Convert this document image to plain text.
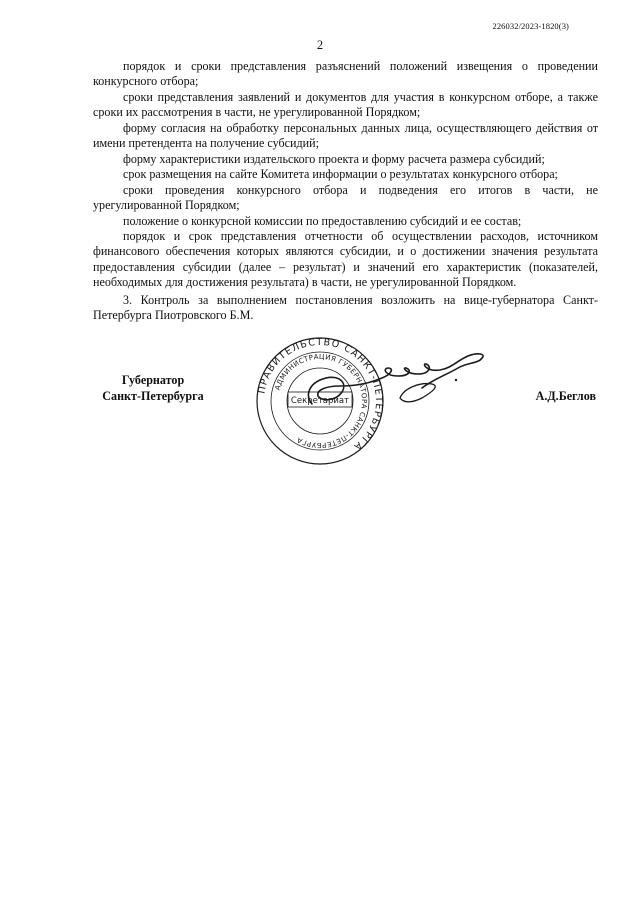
226032/2023-1820(3)
2

порядок и сроки представления разъяснений положений извещения о проведении конкурсного отбора;

сроки представления заявлений и документов для участия в конкурсном отборе, а также сроки их рассмотрения в части, не урегулированной Порядком;

форму согласия на обработку персональных данных лица, осуществляющего действия от имени претендента на получение субсидий;

форму характеристики издательского проекта и форму расчета размера субсидий;

срок размещения на сайте Комитета информации о результатах конкурсного отбора;

сроки проведения конкурсного отбора и подведения его итогов в части, не урегулированной Порядком;

положение о конкурсной комиссии по предоставлению субсидий и ее состав;

порядок и срок представления отчетности об осуществлении расходов, источником финансового обеспечения которых являются субсидии, и о достижении значения результата предоставления субсидии (далее – результат) и значений его характеристик (показателей, необходимых для достижения результата) в части, не урегулированной Порядком.

3. Контроль за выполнением постановления возложить на вице-губернатора Санкт-Петербурга Пиотровского Б.М.

Губернатор
Санкт-Петербурга	А.Д.Беглов
ПРАВИТЕЛЬСТВО САНКТ-ПЕТЕРБУРГА
АДМИНИСТРАЦИЯ ГУБЕРНАТОРА САНКТ-ПЕТЕРБУРГА
Секретариат
